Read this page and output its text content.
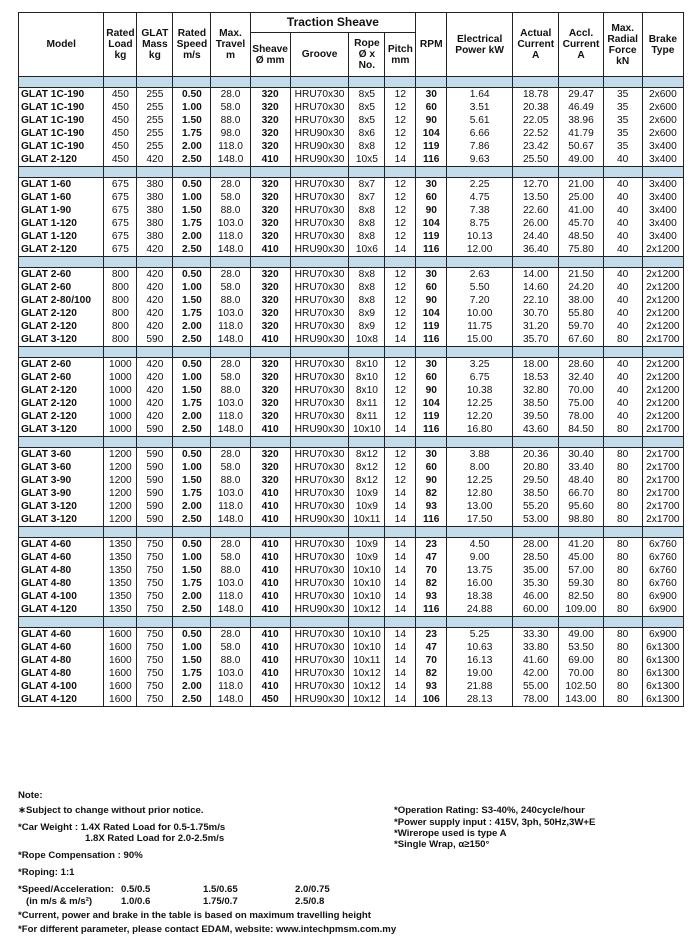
Model	Rated
Load
kg	GLAT
Mass
kg	Rated
Speed
m/s	Max.
Travel
m	Traction Sheave				RPM	Electrical
Power kW	Actual
Current
A	Accl.
Current
A	Max.
Radial
Force
kN	Brake
Type
					Sheave
Ø mm	Groove	Rope
Ø x
No.	Pitch
mm						

GLAT 1C-190	450	255	0.50	28.0	320	HRU70x30	8x5	12	30	1.64	18.78	29.47	35	2x600
GLAT 1C-190	450	255	1.00	58.0	320	HRU70x30	8x5	12	60	3.51	20.38	46.49	35	2x600
GLAT 1C-190	450	255	1.50	88.0	320	HRU70x30	8x5	12	90	5.61	22.05	38.96	35	2x600
GLAT 1C-190	450	255	1.75	98.0	320	HRU90x30	8x6	12	104	6.66	22.52	41.79	35	2x600
GLAT 1C-190	450	255	2.00	118.0	320	HRU90x30	8x8	12	119	7.86	23.42	50.67	35	3x400
GLAT 2-120	450	420	2.50	148.0	410	HRU90x30	10x5	14	116	9.63	25.50	49.00	40	3x400

GLAT 1-60	675	380	0.50	28.0	320	HRU70x30	8x7	12	30	2.25	12.70	21.00	40	3x400
GLAT 1-60	675	380	1.00	58.0	320	HRU70x30	8x7	12	60	4.75	13.50	25.00	40	3x400
GLAT 1-90	675	380	1.50	88.0	320	HRU70x30	8x8	12	90	7.38	22.60	41.00	40	3x400
GLAT 1-120	675	380	1.75	103.0	320	HRU70x30	8x8	12	104	8.75	26.00	45.70	40	3x400
GLAT 1-120	675	380	2.00	118.0	320	HRU70x30	8x8	12	119	10.13	24.40	48.50	40	3x400
GLAT 2-120	675	420	2.50	148.0	410	HRU90x30	10x6	14	116	12.00	36.40	75.80	40	2x1200

GLAT 2-60	800	420	0.50	28.0	320	HRU70x30	8x8	12	30	2.63	14.00	21.50	40	2x1200
GLAT 2-60	800	420	1.00	58.0	320	HRU70x30	8x8	12	60	5.50	14.60	24.20	40	2x1200
GLAT 2-80/100	800	420	1.50	88.0	320	HRU70x30	8x8	12	90	7.20	22.10	38.00	40	2x1200
GLAT 2-120	800	420	1.75	103.0	320	HRU70x30	8x9	12	104	10.00	30.70	55.80	40	2x1200
GLAT 2-120	800	420	2.00	118.0	320	HRU70x30	8x9	12	119	11.75	31.20	59.70	40	2x1200
GLAT 3-120	800	590	2.50	148.0	410	HRU90x30	10x8	14	116	15.00	35.70	67.60	80	2x1700

GLAT 2-60	1000	420	0.50	28.0	320	HRU70x30	8x10	12	30	3.25	18.00	28.60	40	2x1200
GLAT 2-60	1000	420	1.00	58.0	320	HRU70x30	8x10	12	60	6.75	18.53	32.40	40	2x1200
GLAT 2-120	1000	420	1.50	88.0	320	HRU70x30	8x10	12	90	10.38	32.80	70.00	40	2x1200
GLAT 2-120	1000	420	1.75	103.0	320	HRU70x30	8x11	12	104	12.25	38.50	75.00	40	2x1200
GLAT 2-120	1000	420	2.00	118.0	320	HRU70x30	8x11	12	119	12.20	39.50	78.00	40	2x1200
GLAT 3-120	1000	590	2.50	148.0	410	HRU90x30	10x10	14	116	16.80	43.60	84.50	80	2x1700

GLAT 3-60	1200	590	0.50	28.0	320	HRU70x30	8x12	12	30	3.88	20.36	30.40	80	2x1700
GLAT 3-60	1200	590	1.00	58.0	320	HRU70x30	8x12	12	60	8.00	20.80	33.40	80	2x1700
GLAT 3-90	1200	590	1.50	88.0	320	HRU70x30	8x12	12	90	12.25	29.50	48.40	80	2x1700
GLAT 3-90	1200	590	1.75	103.0	410	HRU70x30	10x9	14	82	12.80	38.50	66.70	80	2x1700
GLAT 3-120	1200	590	2.00	118.0	410	HRU70x30	10x9	14	93	13.00	55.20	95.60	80	2x1700
GLAT 3-120	1200	590	2.50	148.0	410	HRU90x30	10x11	14	116	17.50	53.00	98.80	80	2x1700

GLAT 4-60	1350	750	0.50	28.0	410	HRU70x30	10x9	14	23	4.50	28.00	41.20	80	6x760
GLAT 4-60	1350	750	1.00	58.0	410	HRU70x30	10x9	14	47	9.00	28.50	45.00	80	6x760
GLAT 4-80	1350	750	1.50	88.0	410	HRU70x30	10x10	14	70	13.75	35.00	57.00	80	6x760
GLAT 4-80	1350	750	1.75	103.0	410	HRU70x30	10x10	14	82	16.00	35.30	59.30	80	6x760
GLAT 4-100	1350	750	2.00	118.0	410	HRU70x30	10x10	14	93	18.38	46.00	82.50	80	6x900
GLAT 4-120	1350	750	2.50	148.0	410	HRU90x30	10x12	14	116	24.88	60.00	109.00	80	6x900

GLAT 4-60	1600	750	0.50	28.0	410	HRU70x30	10x10	14	23	5.25	33.30	49.00	80	6x900
GLAT 4-60	1600	750	1.00	58.0	410	HRU70x30	10x10	14	47	10.63	33.80	53.50	80	6x1300
GLAT 4-80	1600	750	1.50	88.0	410	HRU70x30	10x11	14	70	16.13	41.60	69.00	80	6x1300
GLAT 4-80	1600	750	1.75	103.0	410	HRU70x30	10x12	14	82	19.00	42.00	70.00	80	6x1300
GLAT 4-100	1600	750	2.00	118.0	410	HRU70x30	10x12	14	93	21.88	55.00	102.50	80	6x1300
GLAT 4-120	1600	750	2.50	148.0	450	HRU90x30	10x12	14	106	28.13	78.00	143.00	80	6x1300
Note:
∗Subject to change without prior notice.
*Car Weight : 1.4X Rated Load for 0.5-1.75m/s
1.8X Rated Load for 2.0-2.5m/s
*Rope Compensation : 90%
*Roping: 1:1
*Speed/Acceleration: 0.5/0.5	1.5/0.65	2.0/0.75
(in m/s & m/s²)	1.0/0.6	1.75/0.7	2.5/0.8
*Current, power and brake in the table is based on maximum travelling height
*For different parameter, please contact EDAM, website: www.intechpmsm.com.my
*Operation Rating: S3-40%, 240cycle/hour
*Power supply input : 415V, 3ph, 50Hz,3W+E
*Wirerope used is type A
*Single Wrap, α≥150°
